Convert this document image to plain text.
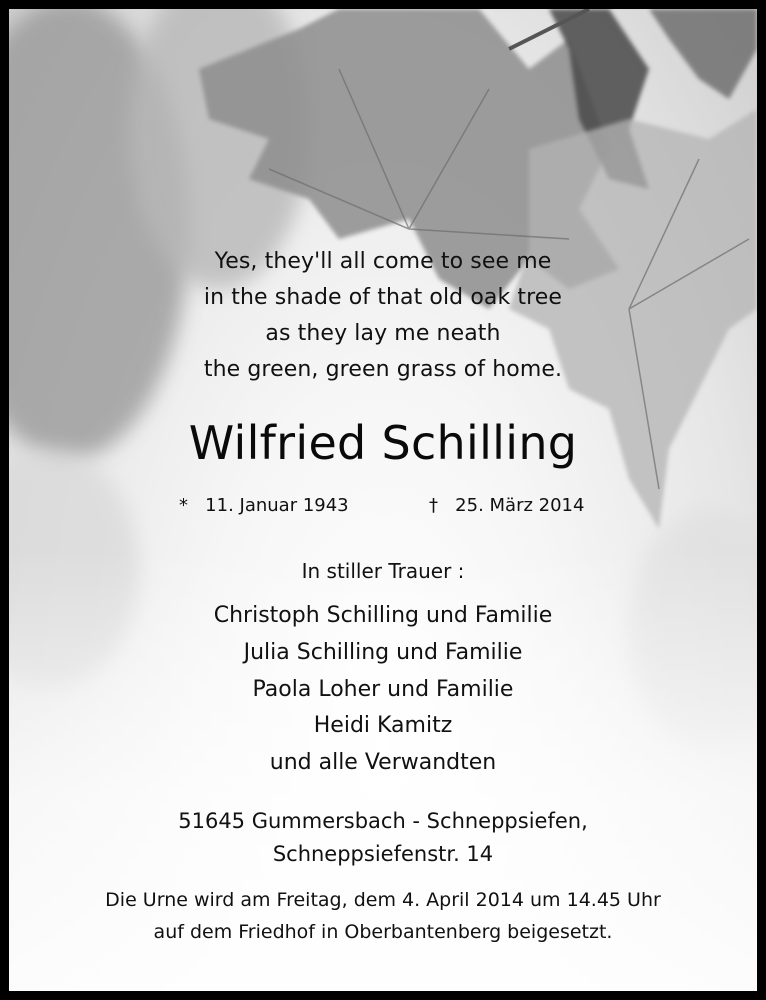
Yes, they'll all come to see me
in the shade of that old oak tree
as they lay me neath
the green, green grass of home.
Wilfried Schilling
* 11. Januar 1943	† 25. März 2014
In stiller Trauer :
Christoph Schilling und Familie
Julia Schilling und Familie
Paola Loher und Familie
Heidi Kamitz
und alle Verwandten
51645 Gummersbach - Schneppsiefen,
Schneppsiefenstr. 14
Die Urne wird am Freitag, dem 4. April 2014 um 14.45 Uhr
auf dem Friedhof in Oberbantenberg beigesetzt.
